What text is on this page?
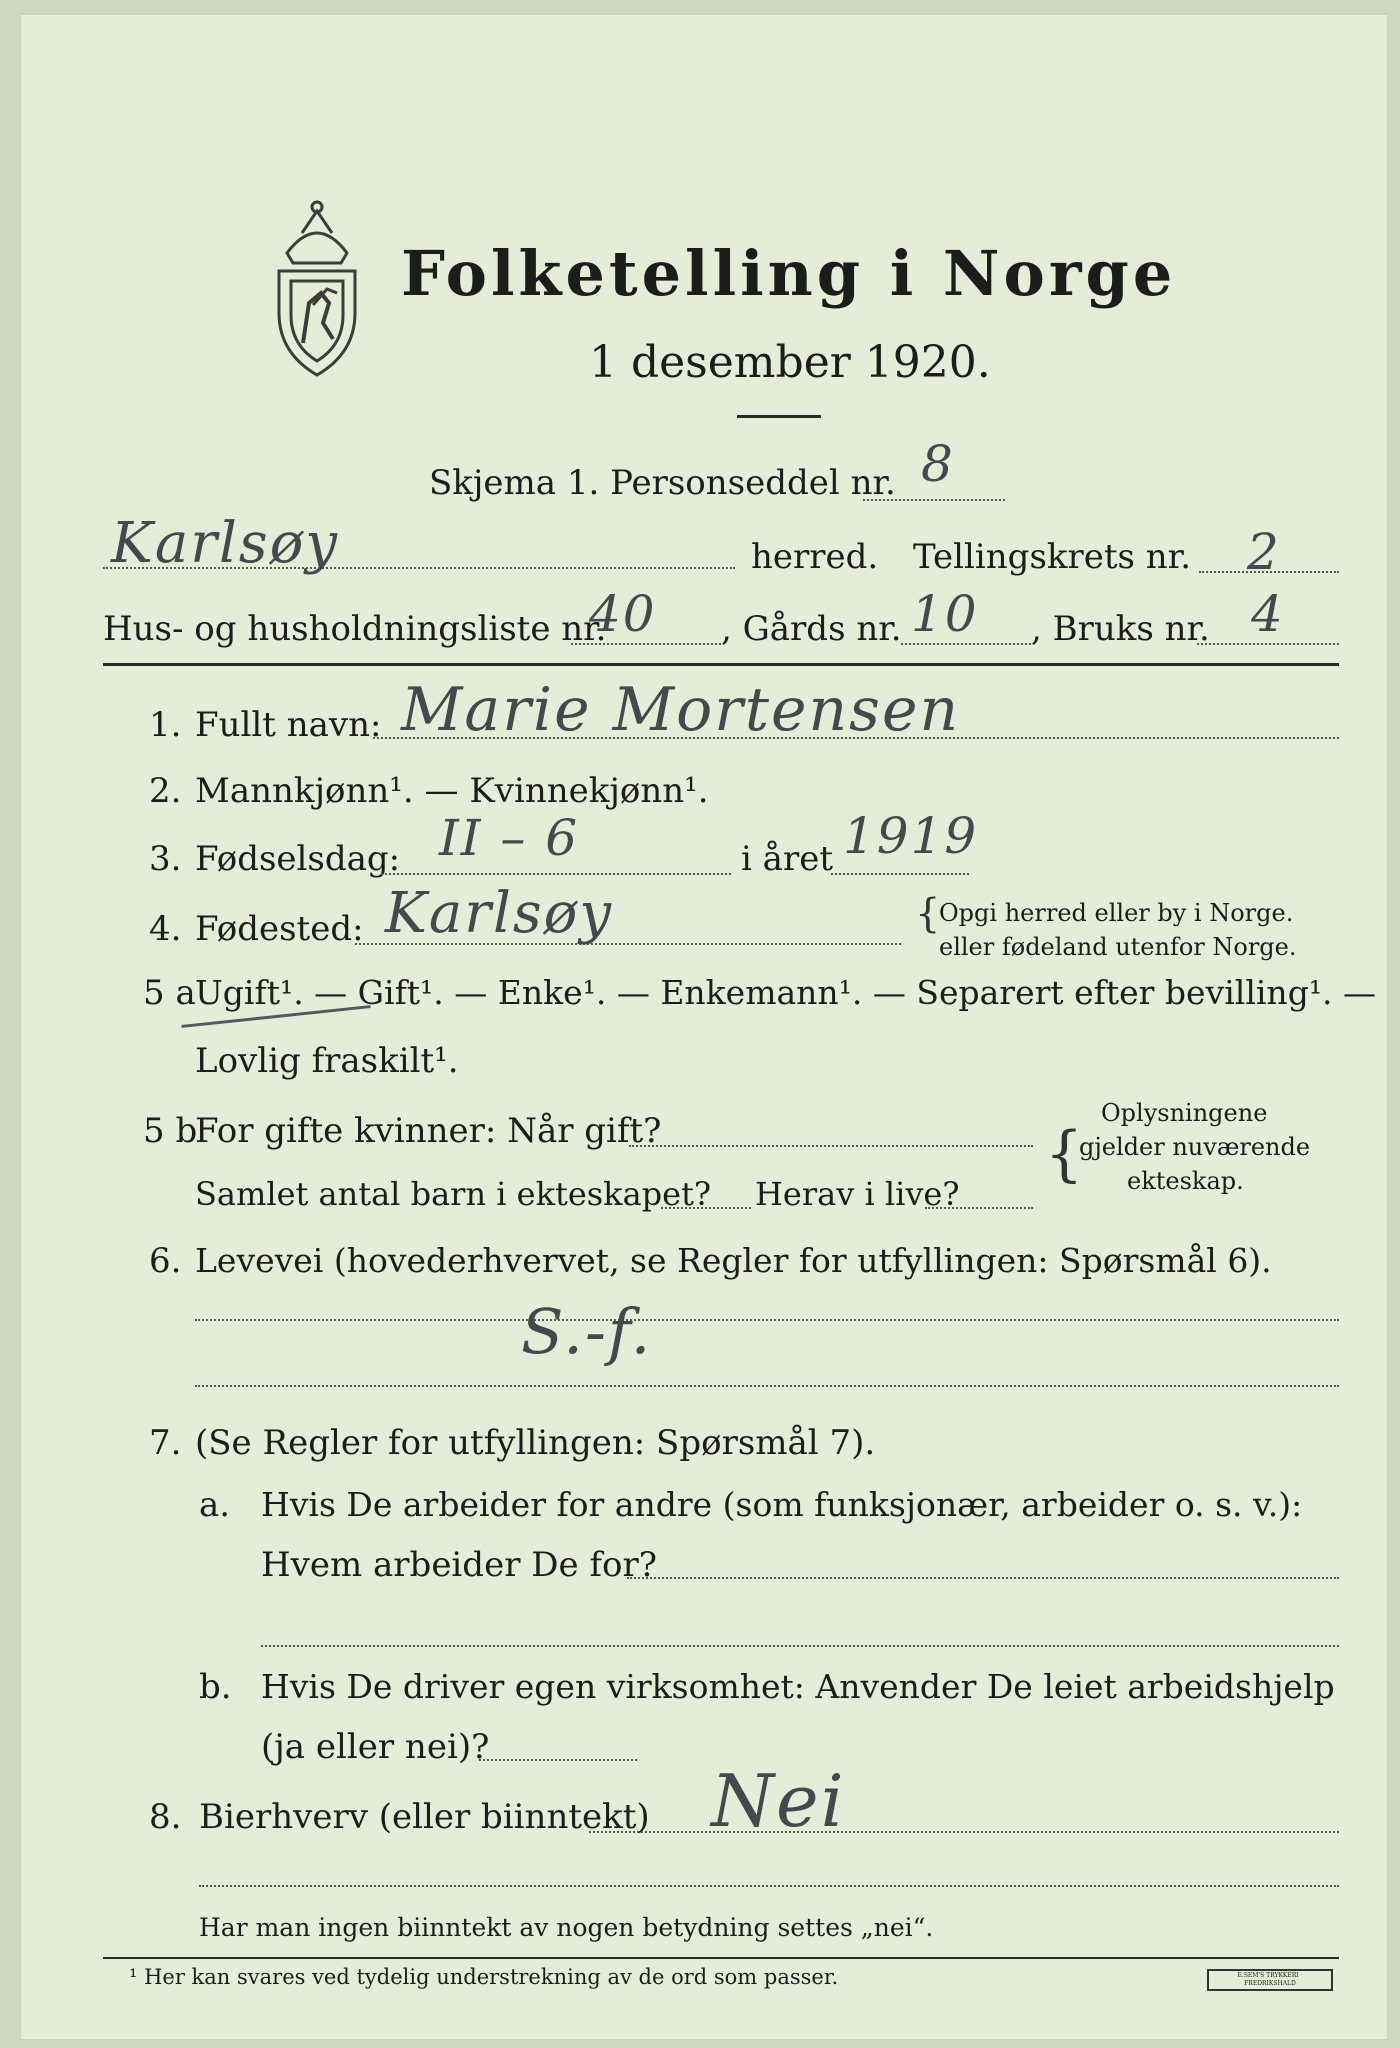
Folketelling i Norge
1 desember 1920.
Skjema 1. Personseddel nr. 8
Karlsøy	herred. Tellingskrets nr. 2
Hus- og husholdningsliste nr.
40 , Gårds nr. 10 , Bruks nr. 4
1. Fullt navn: Marie Mortensen
2. Mannkjønn¹. — Kvinnekjønn¹.
3. Fødselsdag: II – 6	i året 1919
4. Fødested: Karlsøy	{
Opgi herred eller by i Norge.
eller fødeland utenfor Norge.
5 a Ugift¹. — Gift¹. — Enke¹. — Enkemann¹. — Separert efter bevilling¹. —
Lovlig fraskilt¹.
5 b
For gifte kvinner: Når gift?
Samlet antal barn i ekteskapet? Herav i live?
{
Oplysningene
gjelder nuværende
ekteskap.
6. Levevei (hovederhvervet, se Regler for utfyllingen: Spørsmål 6).
S.-f.
7. (Se Regler for utfyllingen: Spørsmål 7).
a. Hvis De arbeider for andre (som funksjonær, arbeider o. s. v.):
Hvem arbeider De for?
b. Hvis De driver egen virksomhet: Anvender De leiet arbeidshjelp
(ja eller nei)?
8. Bierhverv (eller biinntekt) Nei
Har man ingen biinntekt av nogen betydning settes „nei“.
¹ Her kan svares ved tydelig understrekning av de ord som passer.	E.SEM'S TRYKKERI · FREDRIKSHALD
